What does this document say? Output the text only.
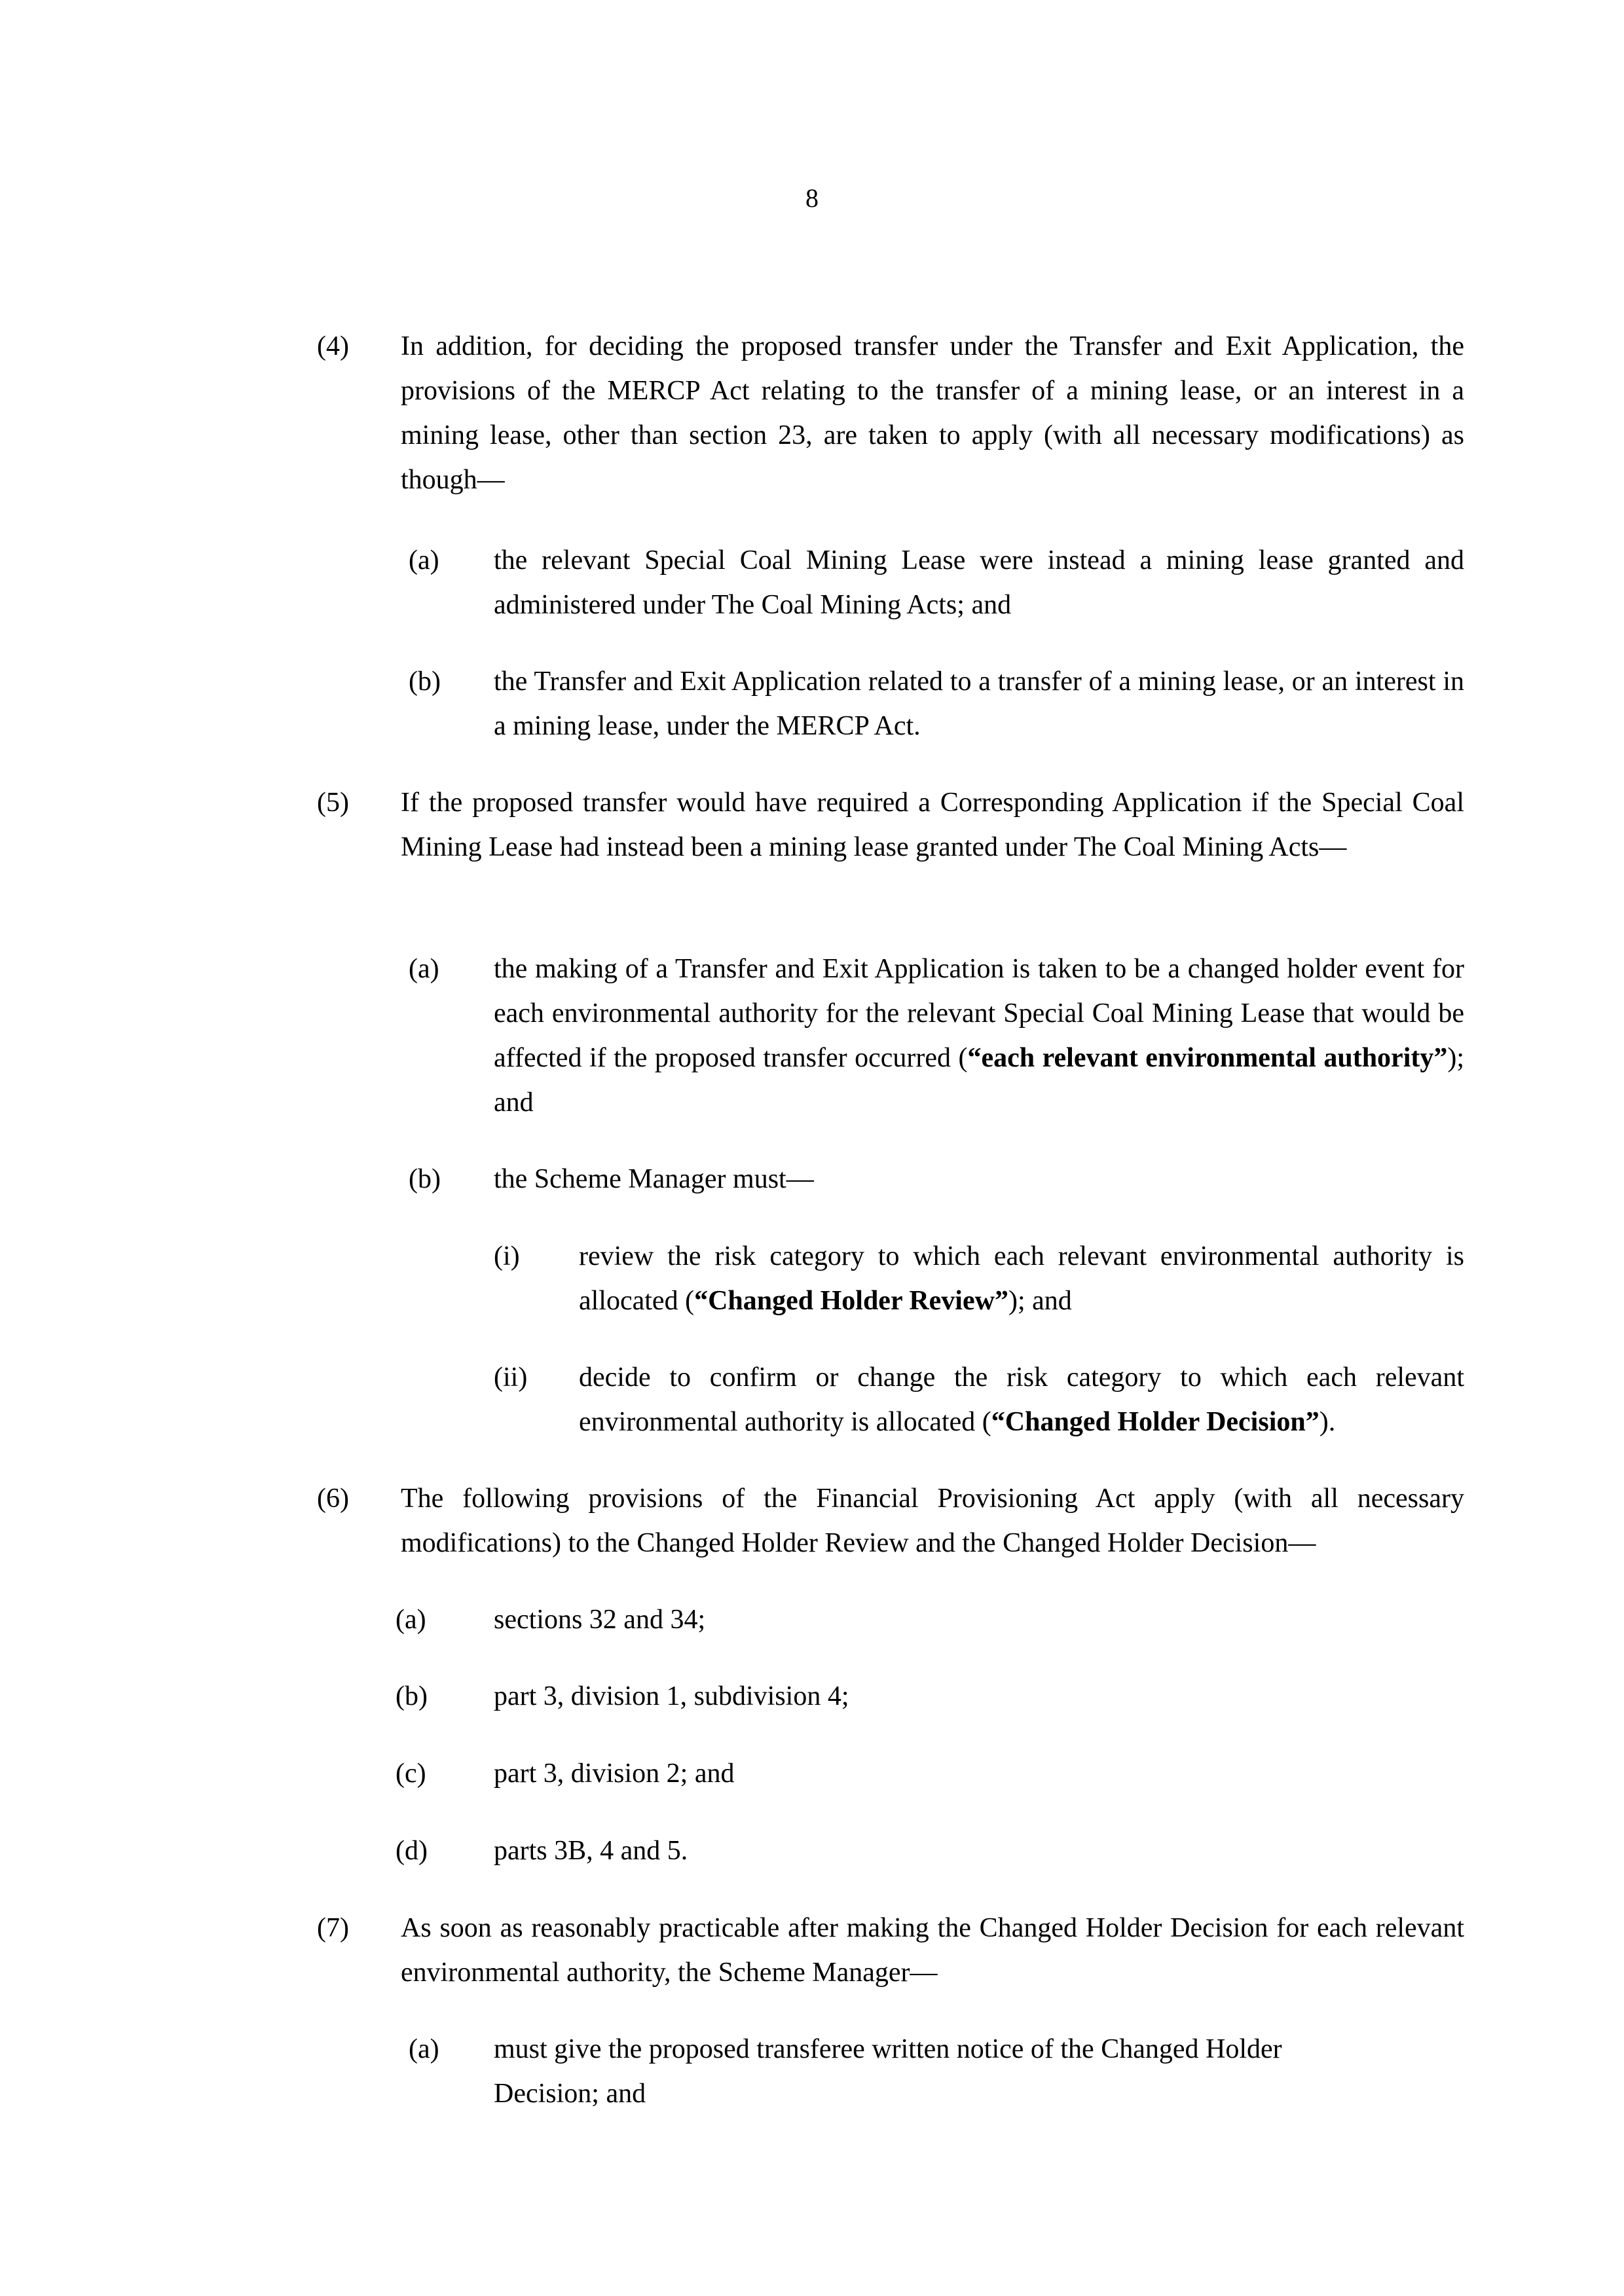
8
(4) In addition, for deciding the proposed transfer under the Transfer and Exit Application, the provisions of the MERCP Act relating to the transfer of a mining lease, or an interest in a mining lease, other than section 23, are taken to apply (with all necessary modifications) as though—
(a) the relevant Special Coal Mining Lease were instead a mining lease granted and administered under The Coal Mining Acts; and
(b) the Transfer and Exit Application related to a transfer of a mining lease, or an interest in a mining lease, under the MERCP Act.
(5) If the proposed transfer would have required a Corresponding Application if the Special Coal Mining Lease had instead been a mining lease granted under The Coal Mining Acts—
(a) the making of a Transfer and Exit Application is taken to be a changed holder event for each environmental authority for the relevant Special Coal Mining Lease that would be affected if the proposed transfer occurred (“each relevant environmental authority”); and
(b) the Scheme Manager must—
(i) review the risk category to which each relevant environmental authority is allocated (“Changed Holder Review”); and
(ii) decide to confirm or change the risk category to which each relevant environmental authority is allocated (“Changed Holder Decision”).
(6) The following provisions of the Financial Provisioning Act apply (with all necessary modifications) to the Changed Holder Review and the Changed Holder Decision—
(a) sections 32 and 34;
(b) part 3, division 1, subdivision 4;
(c) part 3, division 2; and
(d) parts 3B, 4 and 5.
(7) As soon as reasonably practicable after making the Changed Holder Decision for each relevant environmental authority, the Scheme Manager—
(a) must give the proposed transferee written notice of the Changed Holder Decision; and
